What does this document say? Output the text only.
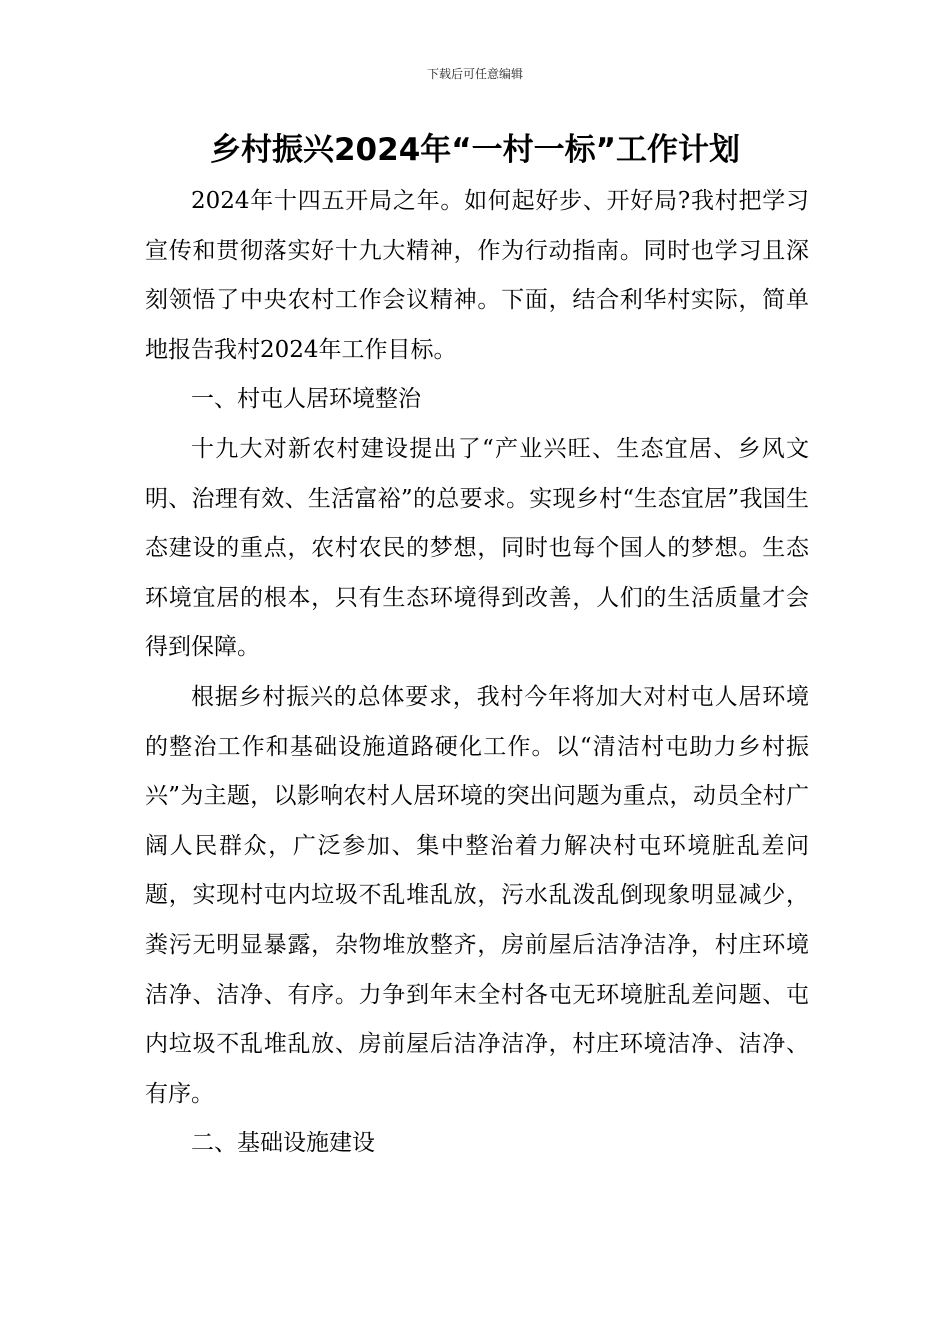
下载后可任意编辑
乡村振兴2024年“一村一标”工作计划

2024年十四五开局之年。如何起好步、开好局?我村把学习宣传和贯彻落实好十九大精神，作为行动指南。同时也学习且深刻领悟了中央农村工作会议精神。下面，结合利华村实际，简单地报告我村2024年工作目标。

一、村屯人居环境整治

十九大对新农村建设提出了“产业兴旺、生态宜居、乡风文明、治理有效、生活富裕”的总要求。实现乡村“生态宜居”我国生态建设的重点，农村农民的梦想，同时也每个国人的梦想。生态环境宜居的根本，只有生态环境得到改善，人们的生活质量才会得到保障。

根据乡村振兴的总体要求，我村今年将加大对村屯人居环境的整治工作和基础设施道路硬化工作。以“清洁村屯助力乡村振兴”为主题，以影响农村人居环境的突出问题为重点，动员全村广阔人民群众，广泛参加、集中整治着力解决村屯环境脏乱差问题，实现村屯内垃圾不乱堆乱放，污水乱泼乱倒现象明显减少，粪污无明显暴露，杂物堆放整齐，房前屋后洁净洁净，村庄环境洁净、洁净、有序。力争到年末全村各屯无环境脏乱差问题、屯内垃圾不乱堆乱放、房前屋后洁净洁净，村庄环境洁净、洁净、有序。

二、基础设施建设
